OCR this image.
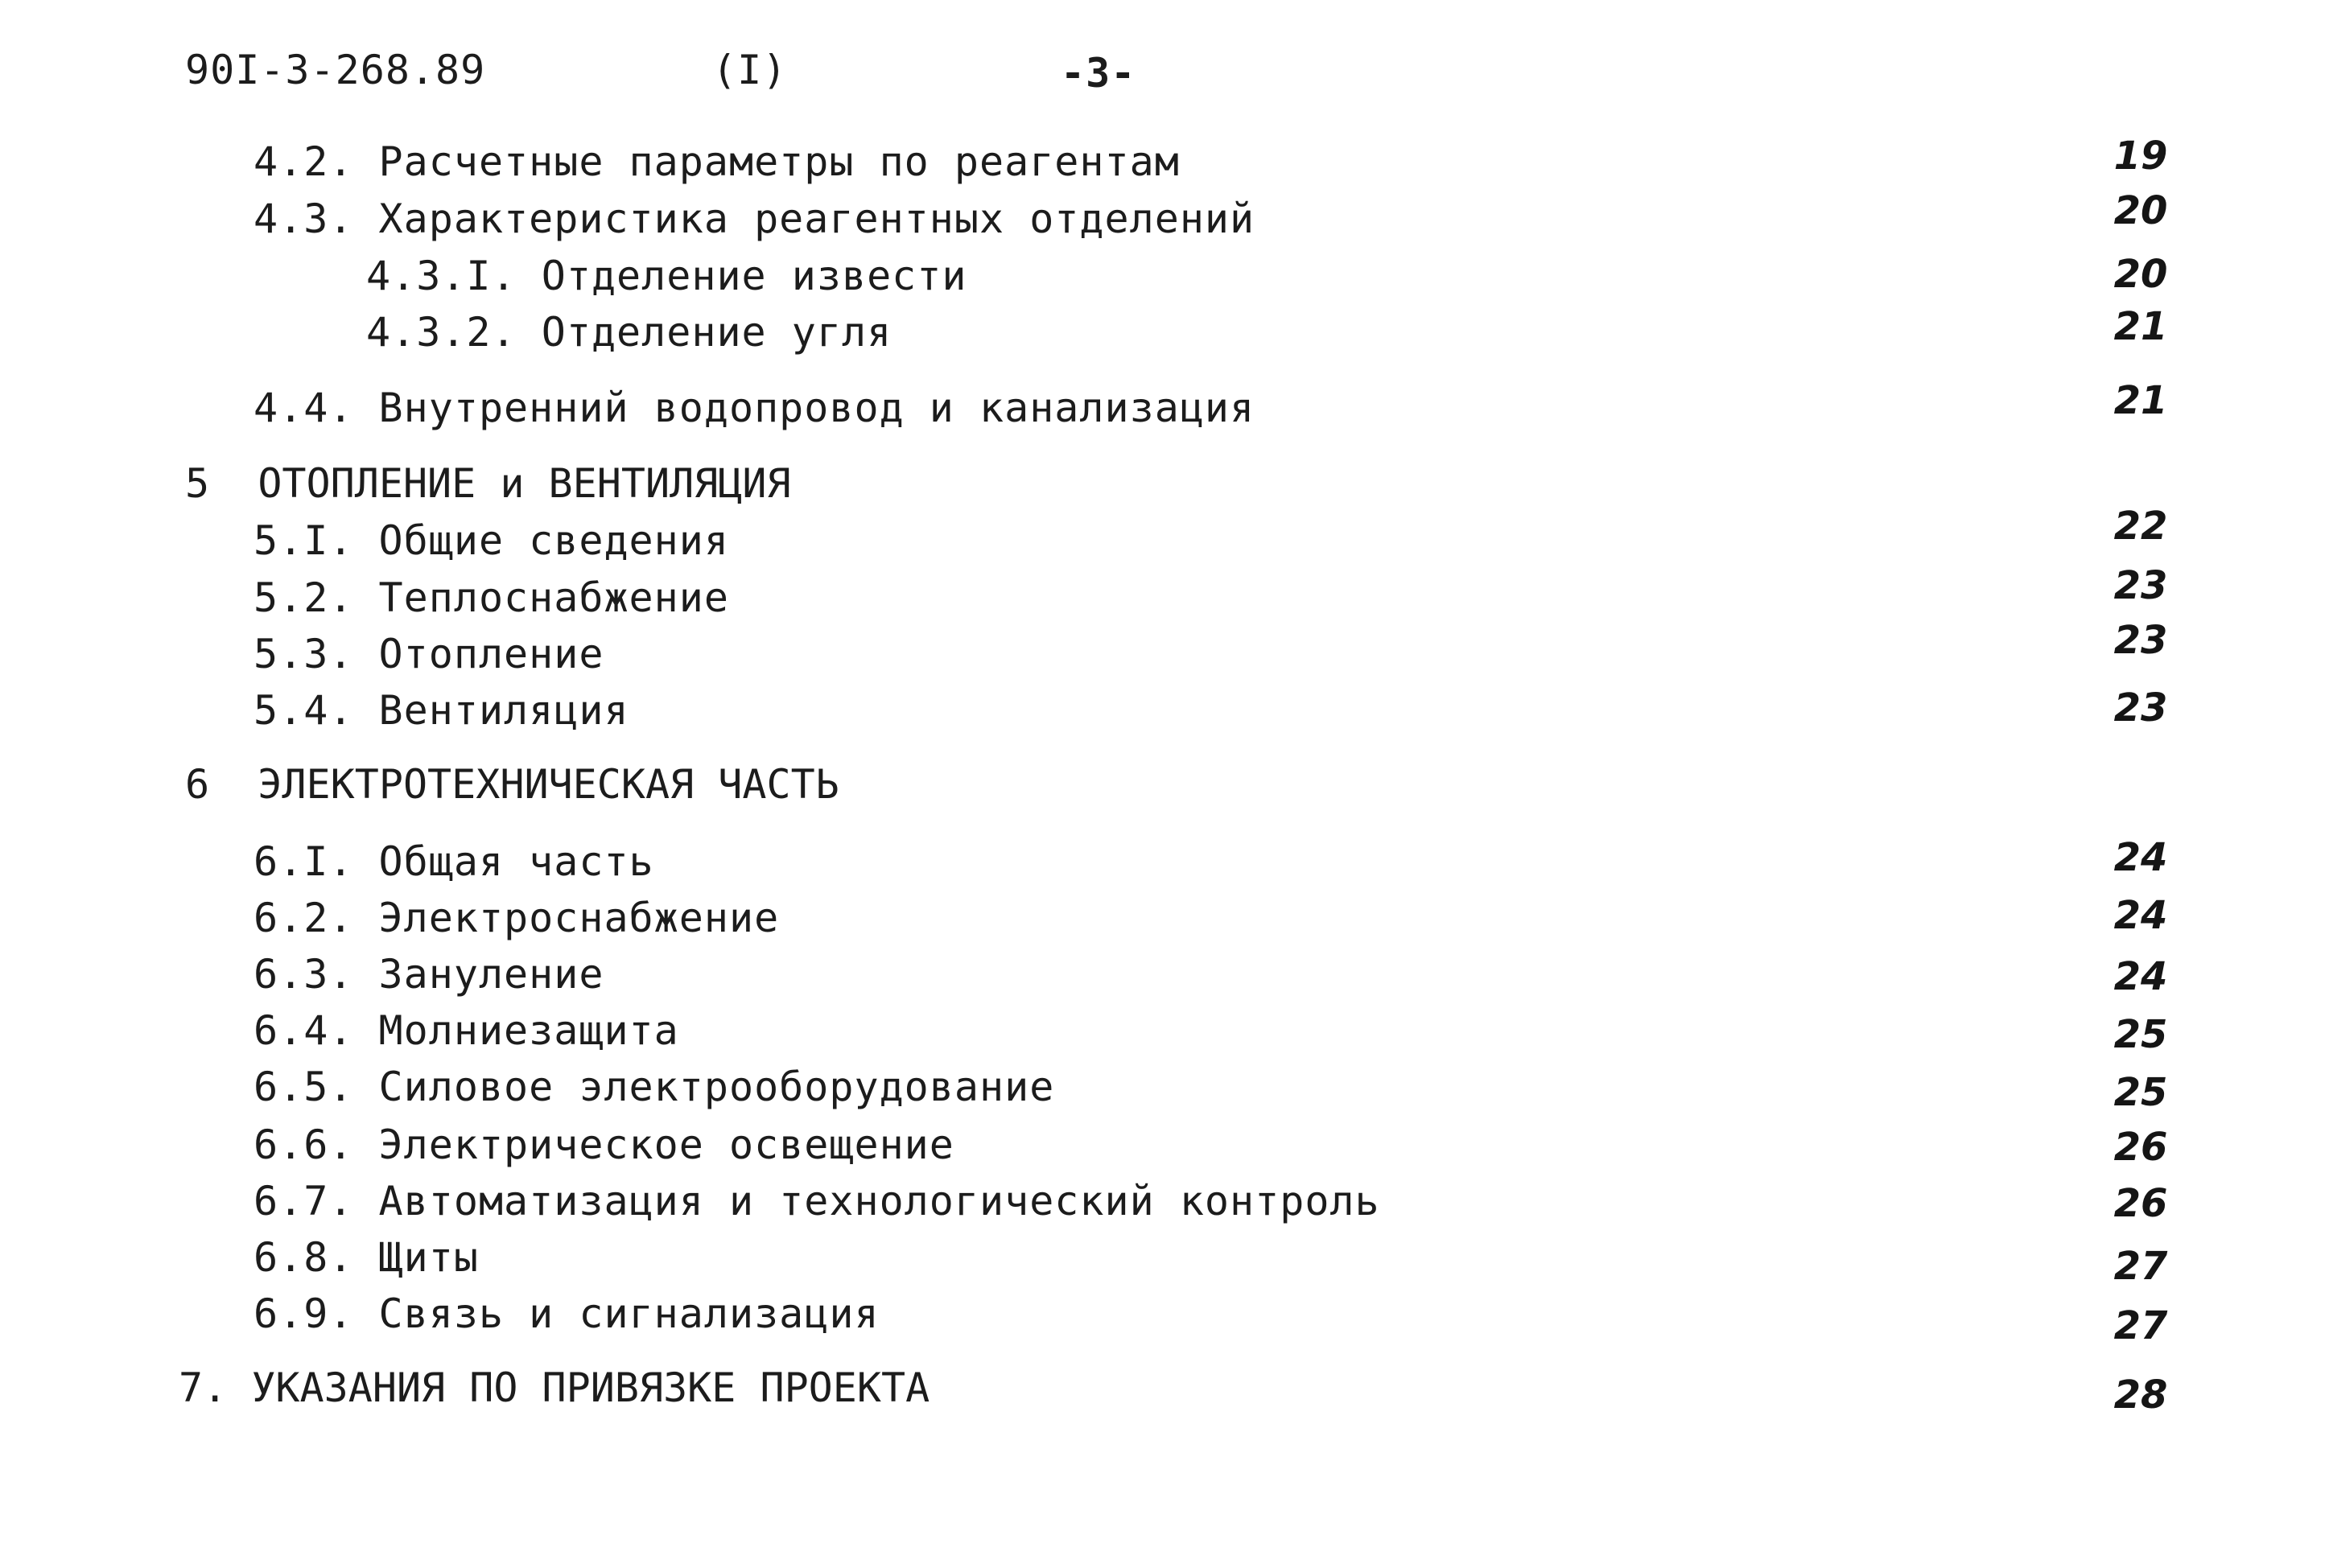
90I-3-268.89	(I)	-3-
4.2. Расчетные параметры по реагентам	19
4.3. Характеристика реагентных отделений	20
4.3.I. Отделение извести	20
4.3.2. Отделение угля	21
4.4. Внутренний водопровод и канализация	21
5 ОТОПЛЕНИЕ и ВЕНТИЛЯЦИЯ
5.I. Общие сведения	22
5.2. Теплоснабжение	23
5.3. Отопление	23
5.4. Вентиляция	23
6 ЭЛЕКТРОТЕХНИЧЕСКАЯ ЧАСТЬ
6.I. Общая часть	24
6.2. Электроснабжение	24
6.3. Зануление	24
6.4. Молниезащита	25
6.5. Силовое электрооборудование	25
6.6. Электрическое освещение	26
6.7. Автоматизация и технологический контроль	26
6.8. Щиты	27
6.9. Связь и сигнализация	27
7. УКАЗАНИЯ ПО ПРИВЯЗКЕ ПРОЕКТА	28
